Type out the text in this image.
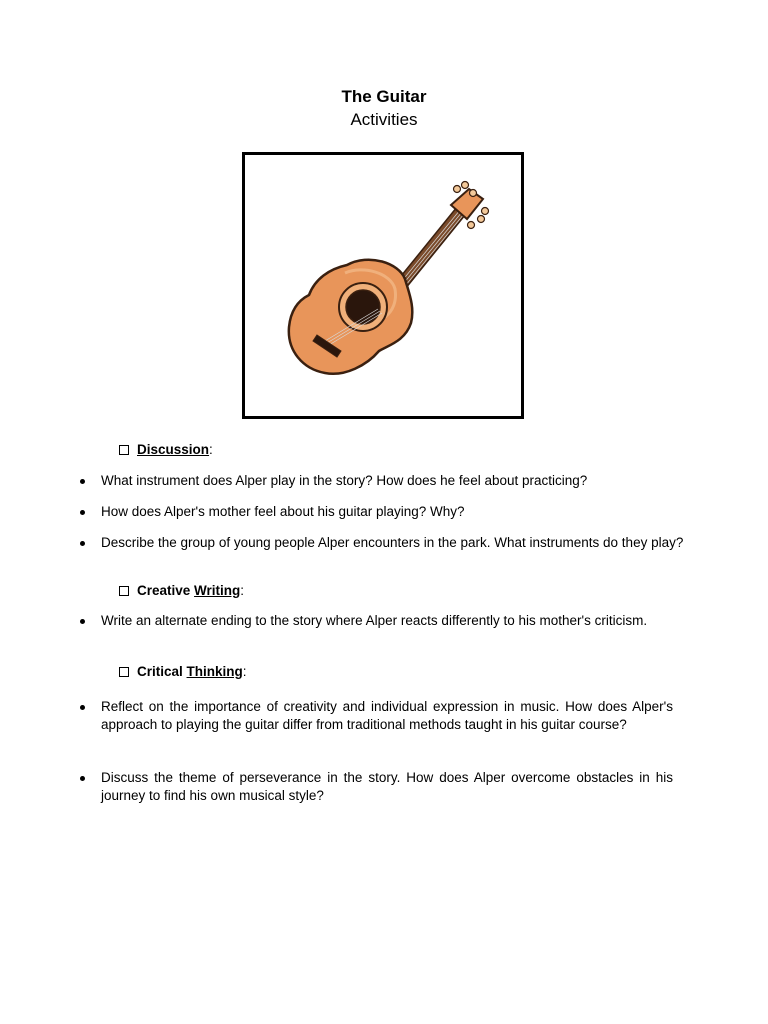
The Guitar
Activities
Discussion:
What instrument does Alper play in the story? How does he feel about practicing?
How does Alper's mother feel about his guitar playing? Why?
Describe the group of young people Alper encounters in the park. What instruments do they play?
Creative Writing:
Write an alternate ending to the story where Alper reacts differently to his mother's criticism.
Critical Thinking:
Reflect on the importance of creativity and individual expression in music. How does Alper's approach to playing the guitar differ from traditional methods taught in his guitar course?
Discuss the theme of perseverance in the story. How does Alper overcome obstacles in his journey to find his own musical style?
